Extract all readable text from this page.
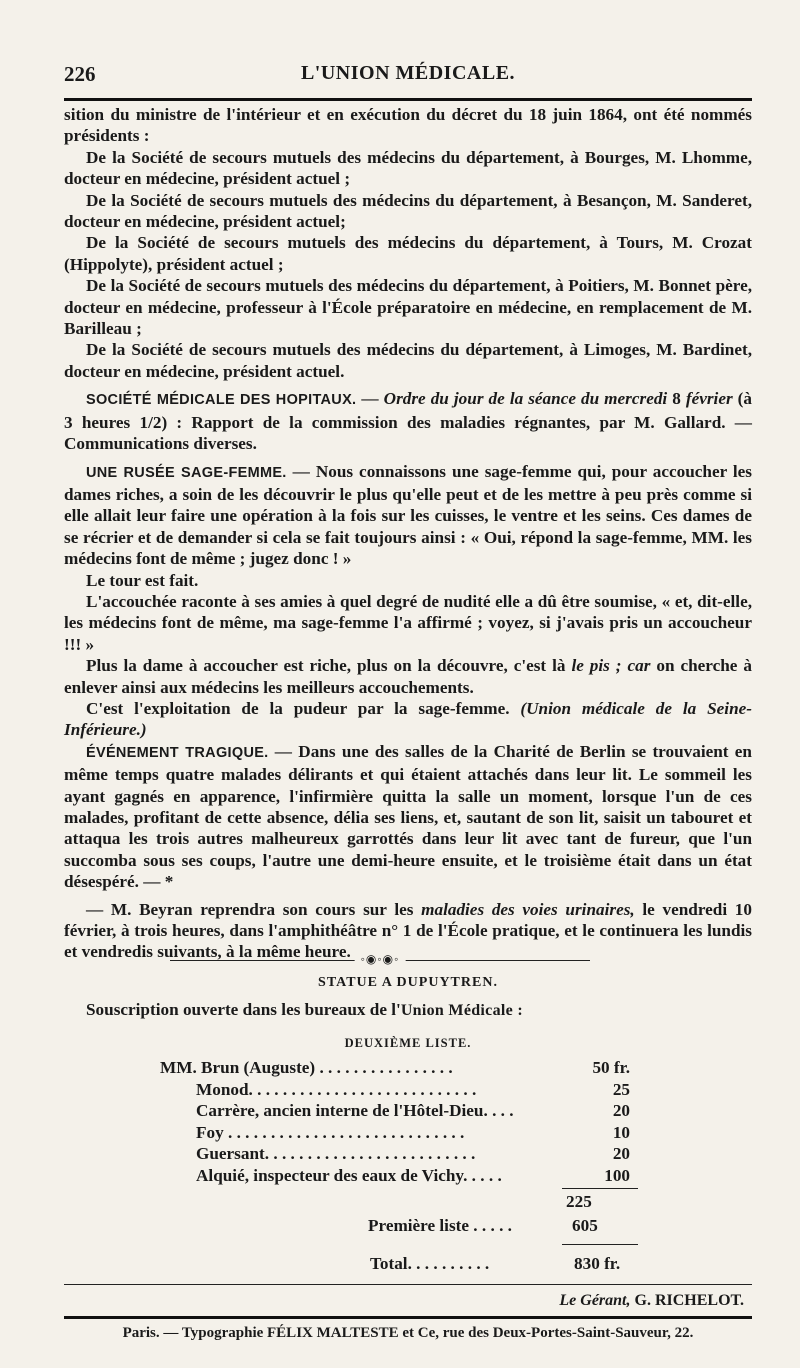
226	L'UNION MÉDICALE.

sition du ministre de l'intérieur et en exécution du décret du 18 juin 1864, ont été nommés présidents :

De la Société de secours mutuels des médecins du département, à Bourges, M. Lhomme, docteur en médecine, président actuel ;

De la Société de secours mutuels des médecins du département, à Besançon, M. Sanderet, docteur en médecine, président actuel;

De la Société de secours mutuels des médecins du département, à Tours, M. Crozat (Hippolyte), président actuel ;

De la Société de secours mutuels des médecins du département, à Poitiers, M. Bonnet père, docteur en médecine, professeur à l'École préparatoire en médecine, en remplacement de M. Barilleau ;

De la Société de secours mutuels des médecins du département, à Limoges, M. Bardinet, docteur en médecine, président actuel.

SOCIÉTÉ MÉDICALE DES HOPITAUX. — Ordre du jour de la séance du mercredi 8 février (à 3 heures 1/2) : Rapport de la commission des maladies régnantes, par M. Gallard. — Communications diverses.

UNE RUSÉE SAGE-FEMME. — Nous connaissons une sage-femme qui, pour accoucher les dames riches, a soin de les découvrir le plus qu'elle peut et de les mettre à peu près comme si elle allait leur faire une opération à la fois sur les cuisses, le ventre et les seins. Ces dames de se récrier et de demander si cela se fait toujours ainsi : « Oui, répond la sage-femme, MM. les médecins font de même ; jugez donc ! »

Le tour est fait.

L'accouchée raconte à ses amies à quel degré de nudité elle a dû être soumise, « et, dit-elle, les médecins font de même, ma sage-femme l'a affirmé ; voyez, si j'avais pris un accoucheur !!! »

Plus la dame à accoucher est riche, plus on la découvre, c'est là le pis ; car on cherche à enlever ainsi aux médecins les meilleurs accouchements.

C'est l'exploitation de la pudeur par la sage-femme. (Union médicale de la Seine-Inférieure.)

ÉVÉNEMENT TRAGIQUE. — Dans une des salles de la Charité de Berlin se trouvaient en même temps quatre malades délirants et qui étaient attachés dans leur lit. Le sommeil les ayant gagnés en apparence, l'infirmière quitta la salle un moment, lorsque l'un de ces malades, profitant de cette absence, délia ses liens, et, sautant de son lit, saisit un tabouret et attaqua les trois autres malheureux garrottés dans leur lit avec tant de fureur, que l'un succomba sous ses coups, l'autre une demi-heure ensuite, et le troisième était dans un état désespéré. — *

— M. Beyran reprendra son cours sur les maladies des voies urinaires, le vendredi 10 février, à trois heures, dans l'amphithéâtre n° 1 de l'École pratique, et le continuera les lundis et vendredis suivants, à la même heure. ◦◉◦◉◦
STATUE A DUPUYTREN.
Souscription ouverte dans les bureaux de l'Union Médicale :
DEUXIÈME LISTE.
MM. Brun (Auguste) . . . . . . . . . . . . . . . .	50 fr.
Monod. . . . . . . . . . . . . . . . . . . . . . . . . . .	25
Carrère, ancien interne de l'Hôtel-Dieu. . . .	20
Foy . . . . . . . . . . . . . . . . . . . . . . . . . . . .	10
Guersant. . . . . . . . . . . . . . . . . . . . . . . . .	20
Alquié, inspecteur des eaux de Vichy. . . . .	100
225
Première liste . . . . .	605
Total. . . . . . . . . .	830 fr.
Le Gérant, G. RICHELOT.
Paris. — Typographie FÉLIX MALTESTE et Ce, rue des Deux-Portes-Saint-Sauveur, 22.
